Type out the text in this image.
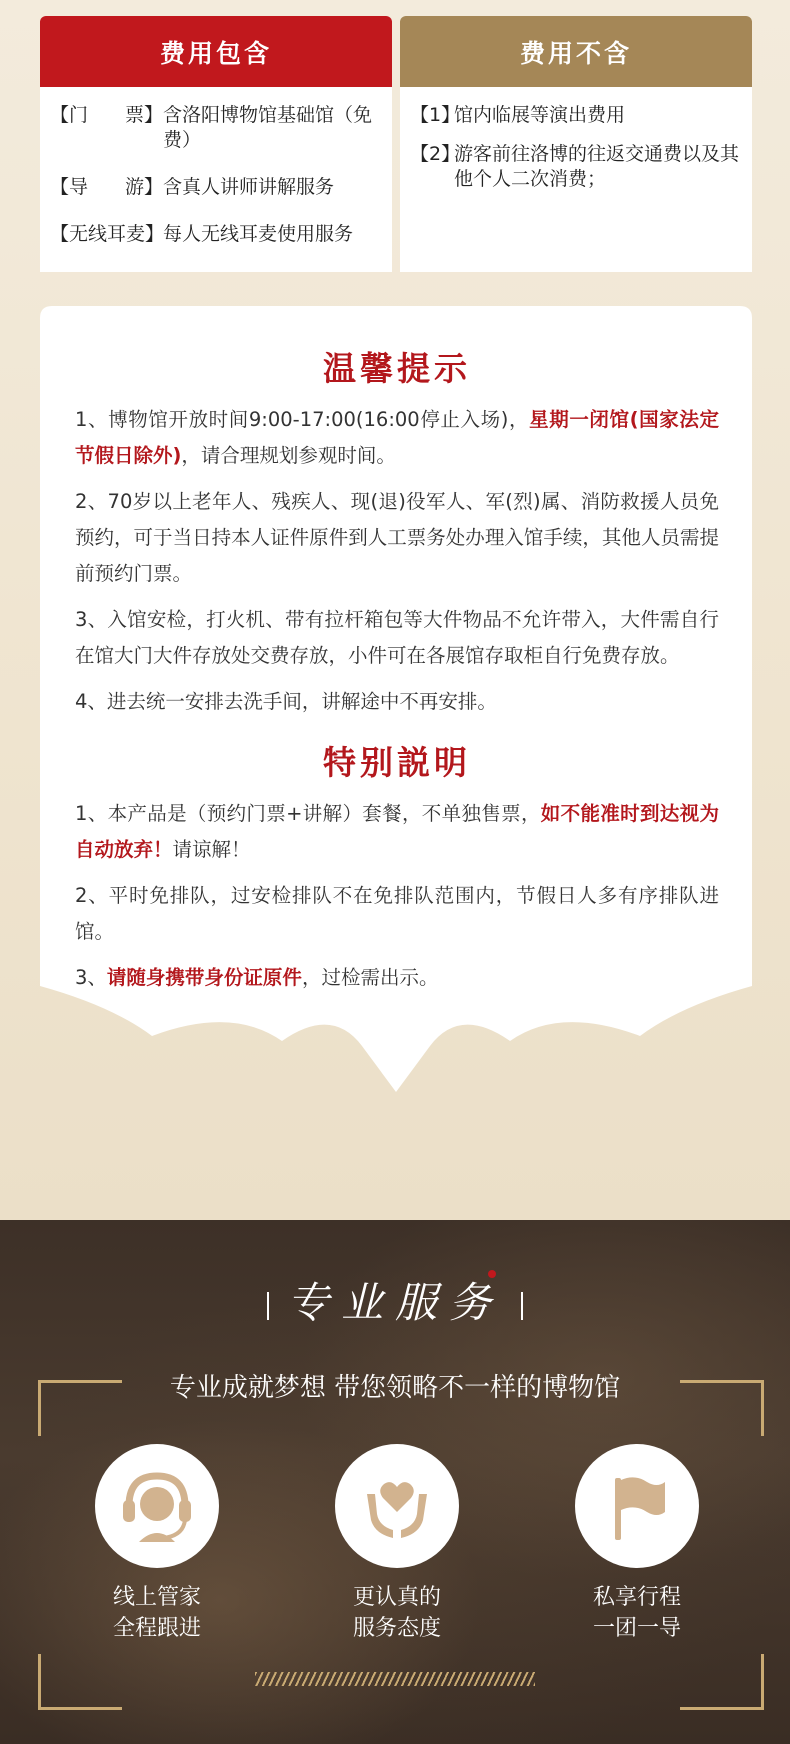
费用包含
【门 票】 含洛阳博物馆基础馆（免费）
【导 游】 含真人讲师讲解服务
【无线耳麦】
每人无线耳麦使用服务
费用不含
【1】
馆内临展等演出费用
【2】
游客前往洛博的往返交通费以及其他个人二次消费；
温馨提示

1、博物馆开放时间9:00-17:00(16:00停止入场)，星期一闭馆(国家法定节假日除外)，请合理规划参观时间。

2、70岁以上老年人、残疾人、现(退)役军人、军(烈)属、消防救援人员免预约，可于当日持本人证件原件到人工票务处办理入馆手续，其他人员需提前预约门票。

3、入馆安检，打火机、带有拉杆箱包等大件物品不允许带入，大件需自行在馆大门大件存放处交费存放，小件可在各展馆存取柜自行免费存放。

4、进去统一安排去洗手间，讲解途中不再安排。

特别説明

1、本产品是（预约门票+讲解）套餐，不单独售票，如不能准时到达视为自动放弃！请谅解！

2、平时免排队，过安检排队不在免排队范围内，节假日人多有序排队进馆。

3、请随身携带身份证原件，过检需出示。

专业服务
专业成就梦想 带您领略不一样的博物馆
线上管家
全程跟进
更认真的
服务态度
私享行程
一团一导
